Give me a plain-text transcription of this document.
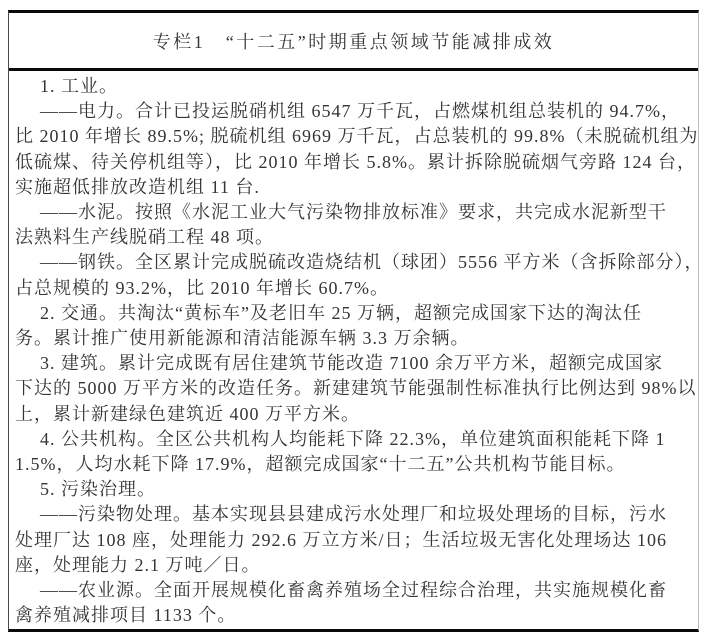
专栏1　“十二五”时期重点领域节能减排成效
1. 工业。
——电力。合计已投运脱硝机组 6547 万千瓦，占燃煤机组总装机的 94.7%，
比 2010 年增长 89.5%; 脱硫机组 6969 万千瓦，占总装机的 99.8%（未脱硫机组为
低硫煤、待关停机组等），比 2010 年增长 5.8%。累计拆除脱硫烟气旁路 124 台，
实施超低排放改造机组 11 台.
——水泥。按照《水泥工业大气污染物排放标准》要求，共完成水泥新型干
法熟料生产线脱硝工程 48 项。
——钢铁。全区累计完成脱硫改造烧结机（球团）5556 平方米（含拆除部分），
占总规模的 93.2%，比 2010 年增长 60.7%。
2. 交通。共淘汰“黄标车”及老旧车 25 万辆，超额完成国家下达的淘汰任
务。累计推广使用新能源和清洁能源车辆 3.3 万余辆。
3. 建筑。累计完成既有居住建筑节能改造 7100 余万平方米，超额完成国家
下达的 5000 万平方米的改造任务。新建建筑节能强制性标准执行比例达到 98%以
上，累计新建绿色建筑近 400 万平方米。
4. 公共机构。全区公共机构人均能耗下降 22.3%，单位建筑面积能耗下降 1
1.5%，人均水耗下降 17.9%，超额完成国家“十二五”公共机构节能目标。
5. 污染治理。
——污染物处理。基本实现县县建成污水处理厂和垃圾处理场的目标，污水
处理厂达 108 座，处理能力 292.6 万立方米/日；生活垃圾无害化处理场达 106
座，处理能力 2.1 万吨／日。
——农业源。全面开展规模化畜禽养殖场全过程综合治理，共实施规模化畜
禽养殖减排项目 1133 个。
